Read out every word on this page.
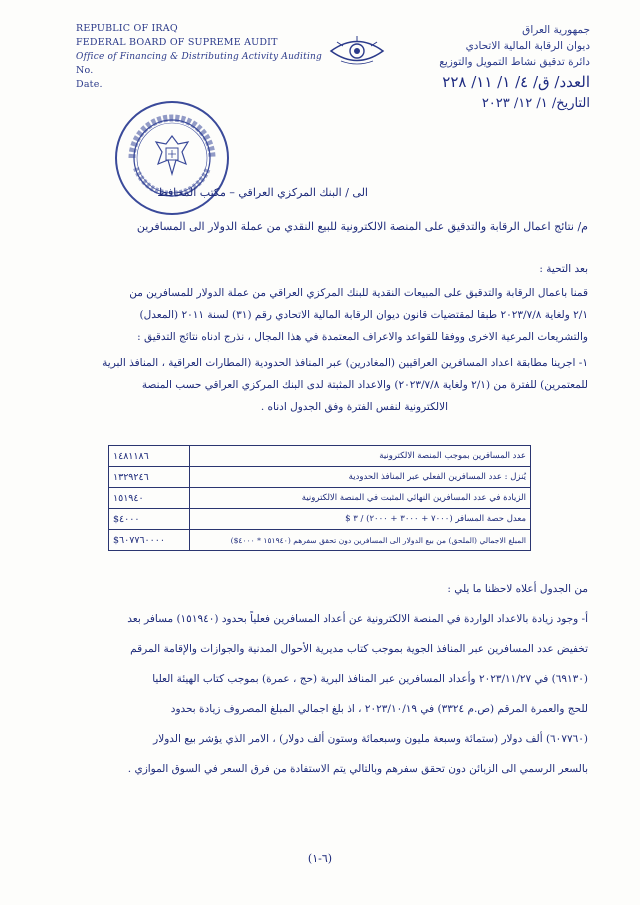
REPUBLIC OF IRAQ
FEDERAL BOARD OF SUPREME AUDIT
Office of Financing & Distributing Activity Auditing
No.
Date.
جمهورية العراق
ديوان الرقابة المالية الاتحادي
دائرة تدقيق نشاط التمويل والتوزيع
العدد/ ق/ ٤/ ١/ ١١/ ٢٢٨
التاريخ/ ١/ ١٢/ ٢٠٢٣

الى / البنك المركزي العراقي – مكتب المحافظ

م/ نتائج اعمال الرقابة والتدقيق على المنصة الالكترونية للبيع النقدي من عملة الدولار الى المسافرين

بعد التحية :

قمنا باعمال الرقابة والتدقيق على المبيعات النقدية للبنك المركزي العراقي من عملة الدولار للمسافرين من

٢/١ ولغاية ٢٠٢٣/٧/٨ طبقا لمقتضيات قانون ديوان الرقابة المالية الاتحادي رقم (٣١) لسنة ٢٠١١ (المعدل)

والتشريعات المرعية الاخرى ووفقا للقواعد والاعراف المعتمدة في هذا المجال ، نذرج ادناه نتائج التدقيق :

١- اجرينا مطابقة اعداد المسافرين العراقيين (المغادرين) عبر المنافذ الحدودية (المطارات العراقية ، المنافذ البرية

للمعتمرين) للفترة من (٢/١ ولغاية ٢٠٢٣/٧/٨) والاعداد المثبتة لدى البنك المركزي العراقي حسب المنصة

الالكترونية لنفس الفترة وفق الجدول ادناه .

١٤٨١١٨٦	عدد المسافرين بموجب المنصة الالكترونية
١٣٢٩٢٤٦	يُنزل : عدد المسافرين الفعلي عبر المنافذ الحدودية
١٥١٩٤٠	الزيادة في عدد المسافرين النهائي المثبت في المنصة الالكترونية
$٤٠٠٠	معدل حصة المسافر (٧٠٠٠ + ٣٠٠٠ + ٢٠٠٠) / ٣ $
$٦٠٧٧٦٠٠٠٠	المبلغ الاجمالي (الملحق) من بيع الدولار الى المسافرين دون تحقق سفرهم (١٥١٩٤٠ * ٤٠٠٠$)

من الجدول أعلاه لاحظنا ما يلي :

أ- وجود زيادة بالاعداد الواردة في المنصة الالكترونية عن أعداد المسافرين فعلياً بحدود (١٥١٩٤٠) مسافر بعد

تخفيض عدد المسافرين عبر المنافذ الجوية بموجب كتاب مديرية الأحوال المدنية والجوازات والإقامة المرقم

(٦٩١٣٠) في ٢٠٢٣/١١/٢٧ وأعداد المسافرين عبر المنافذ البرية (حج ، عمرة) بموجب كتاب الهيئة العليا

للحج والعمرة المرقم (ص.م ٣٣٢٤) في ٢٠٢٣/١٠/١٩ ، اذ بلغ اجمالي المبلغ المصروف زيادة بحدود

(٦٠٧٧٦٠) ألف دولار (ستمائة وسبعة مليون وسبعمائة وستون ألف دولار) ، الامر الذي يؤشر بيع الدولار

بالسعر الرسمي الى الزبائن دون تحقق سفرهم وبالتالي يتم الاستفادة من فرق السعر في السوق الموازي .

(٦-١)
